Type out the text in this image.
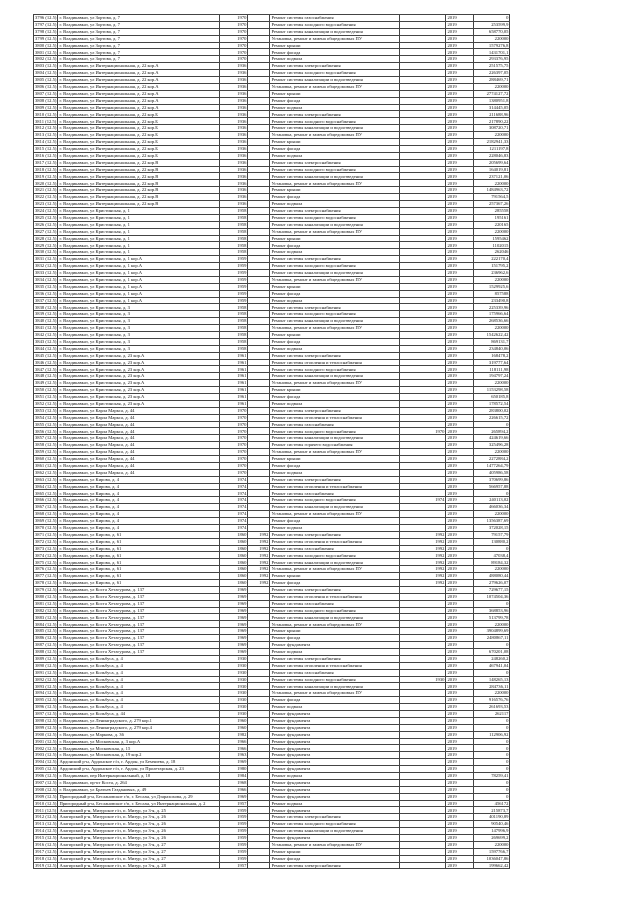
3796 (12.5)	г. Владикавказ, ул Зортова, д. 7	1970		Ремонт системы газоснабжения		2019	0
3797 (12.5)	г. Владикавказ, ул Зортова, д. 7	1970		Ремонт системы холодного водоснабжения		2019	253599,9
3798 (12.5)	г. Владикавказ, ул Зортова, д. 7	1970		Ремонт системы канализации и водоотведения		2019	658770,05
3799 (12.5)	г. Владикавказ, ул Зортова, д. 7	1970		Установка, ремонт и замена общедомовых ПУ		2019	220000
3800 (12.5)	г. Владикавказ, ул Зортова, д. 7	1970		Ремонт крыши		2019	1579276,8
3801 (12.5)	г. Владикавказ, ул Зортова, д. 7	1970		Ремонт фасада		2019	1431701,1
3802 (12.5)	г. Владикавказ, ул Зортова, д. 7	1970		Ремонт подвала		2019	293376,95
3803 (12.5)	г. Владикавказ, ул Интернациональная, д. 22 кор.А	1936		Ремонт системы электроснабжения		2019	251575,75
3804 (12.5)	г. Владикавказ, ул Интернациональная, д. 22 кор.А	1936		Ремонт системы холодного водоснабжения		2019	226397,05
3805 (12.5)	г. Владикавказ, ул Интернациональная, д. 22 кор.А	1936		Ремонт системы канализации и водоотведения		2019	288469,71
3806 (12.5)	г. Владикавказ, ул Интернациональная, д. 22 кор.А	1936		Установка, ремонт и замена общедомовых ПУ		2019	220000
3807 (12.5)	г. Владикавказ, ул Интернациональная, д. 22 кор.А	1936		Ремонт крыши		2019	2774127,72
3808 (12.5)	г. Владикавказ, ул Интернациональная, д. 22 кор.А	1936		Ремонт фасада		2019	1380951,8
3809 (12.5)	г. Владикавказ, ул Интернациональная, д. 22 кор.А	1936		Ремонт подвала		2019	314445,05
3810 (12.5)	г. Владикавказ, ул Интернациональная, д. 22 кор.Б	1936		Ремонт системы электроснабжения		2019	211688,96
3811 (12.5)	г. Владикавказ, ул Интернациональная, д. 22 кор.Б	1936		Ремонт системы холодного водоснабжения		2019	217890,22
3812 (12.5)	г. Владикавказ, ул Интернациональная, д. 22 кор.Б	1936		Ремонт системы канализации и водоотведения		2019	308720,71
3813 (12.5)	г. Владикавказ, ул Интернациональная, д. 22 кор.Б	1936		Установка, ремонт и замена общедомовых ПУ		2019	220000
3814 (12.5)	г. Владикавказ, ул Интернациональная, д. 22 кор.Б	1936		Ремонт крыши		2019	2182941,33
3815 (12.5)	г. Владикавказ, ул Интернациональная, д. 22 кор.Б	1936		Ремонт фасада		2019	1211197,8
3816 (12.5)	г. Владикавказ, ул Интернациональная, д. 22 кор.Б	1936		Ремонт подвала		2019	228046,83
3817 (12.5)	г. Владикавказ, ул Интернациональная, д. 22 кор.В	1936		Ремонт системы электроснабжения		2019	205699,64
3818 (12.5)	г. Владикавказ, ул Интернациональная, д. 22 кор.В	1936		Ремонт системы холодного водоснабжения		2019	164019,81
3819 (12.5)	г. Владикавказ, ул Интернациональная, д. 22 кор.В	1936		Ремонт системы канализации и водоотведения		2019	237121,06
3820 (12.5)	г. Владикавказ, ул Интернациональная, д. 22 кор.В	1936		Установка, ремонт и замена общедомовых ПУ		2019	220000
3821 (12.5)	г. Владикавказ, ул Интернациональная, д. 22 кор.В	1936		Ремонт крыши		2019	1484963,72
3822 (12.5)	г. Владикавказ, ул Интернациональная, д. 22 кор.В	1936		Ремонт фасада		2019	791564,5
3823 (12.5)	г. Владикавказ, ул Интернациональная, д. 22 кор.В	1936		Ремонт подвала		2019	257367,26
3824 (12.5)	г. Владикавказ, ул Кристинская, д. 1	1958		Ремонт системы электроснабжения		2019	285558
3825 (12.5)	г. Владикавказ, ул Кристинская, д. 1	1958		Ремонт системы холодного водоснабжения		2019	195161
3826 (12.5)	г. Владикавказ, ул Кристинская, д. 1	1958		Ремонт системы канализации и водоотведения		2019	220165
3827 (12.5)	г. Владикавказ, ул Кристинская, д. 1	1958		Установка, ремонт и замена общедомовых ПУ		2019	220000
3828 (12.5)	г. Владикавказ, ул Кристинская, д. 1	1958		Ремонт крыши		2019	1595462
3829 (12.5)	г. Владикавказ, ул Кристинская, д. 1	1958		Ремонт фасада		2019	1102015
3830 (12.5)	г. Владикавказ, ул Кристинская, д. 1	1958		Ремонт подвала		2019	262046
3831 (12.5)	г. Владикавказ, ул Кристинская, д. 1 кор.А	1959		Ремонт системы электроснабжения		2019	222170,4
3832 (12.5)	г. Владикавказ, ул Кристинская, д. 1 кор.А	1959		Ремонт системы холодного водоснабжения		2019	151795,2
3833 (12.5)	г. Владикавказ, ул Кристинская, д. 1 кор.А	1959		Ремонт системы канализации и водоотведения		2019	236962,6
3834 (12.5)	г. Владикавказ, ул Кристинская, д. 1 кор.А	1959		Установка, ремонт и замена общедомовых ПУ		2019	220000
3835 (12.5)	г. Владикавказ, ул Кристинская, д. 1 кор.А	1959		Ремонт крыши		2019	1529925,6
3836 (12.5)	г. Владикавказ, ул Кристинская, д. 1 кор.А	1959		Ремонт фасада		2019	857588
3837 (12.5)	г. Владикавказ, ул Кристинская, д. 1 кор.А	1959		Ремонт подвала		2019	233490,8
3838 (12.5)	г. Владикавказ, ул Кристинская, д. 3	1958		Ремонт системы электроснабжения		2019	225339,96
3839 (12.5)	г. Владикавказ, ул Кристинская, д. 3	1958		Ремонт системы холодного водоснабжения		2019	175966,64
3840 (12.5)	г. Владикавказ, ул Кристинская, д. 3	1958		Ремонт системы канализации и водоотведения		2019	268536,66
3841 (12.5)	г. Владикавказ, ул Кристинская, д. 3	1958		Установка, ремонт и замена общедомовых ПУ		2019	220000
3842 (12.5)	г. Владикавказ, ул Кристинская, д. 3	1958		Ремонт крыши		2019	1542622,42
3843 (12.5)	г. Владикавказ, ул Кристинская, д. 3	1958		Ремонт фасада		2019	869131,7
3844 (12.5)	г. Владикавказ, ул Кристинская, д. 3	1958		Ремонт подвала		2019	234840,06
3845 (12.5)	г. Владикавказ, ул Кристинская, д. 23 кор.А	1961		Ремонт системы электроснабжения		2019	168478,2
3846 (12.5)	г. Владикавказ, ул Кристинская, д. 23 кор.А	1961		Ремонт системы отопления и теплоснабжения		2019	319777,64
3847 (12.5)	г. Владикавказ, ул Кристинская, д. 23 кор.А	1961		Ремонт системы холодного водоснабжения		2019	118111,98
3848 (12.5)	г. Владикавказ, ул Кристинская, д. 23 кор.А	1961		Ремонт системы канализации и водоотведения		2019	194797,24
3849 (12.5)	г. Владикавказ, ул Кристинская, д. 23 кор.А	1961		Установка, ремонт и замена общедомовых ПУ		2019	220000
3850 (12.5)	г. Владикавказ, ул Кристинская, д. 23 кор.А	1961		Ремонт крыши		2019	1153298,58
3851 (12.5)	г. Владикавказ, ул Кристинская, д. 23 кор.А	1961		Ремонт фасада		2019	650185,8
3852 (12.5)	г. Владикавказ, ул Кристинская, д. 23 кор.А	1961		Ремонт подвала		2019	178572,54
3853 (12.5)	г. Владикавказ, ул Карла Маркса, д. 44	1970		Ремонт системы электроснабжения		2019	283800,02
3854 (12.5)	г. Владикавказ, ул Карла Маркса, д. 44	1970		Ремонт системы отопления и теплоснабжения		2019	226615,72
3855 (12.5)	г. Владикавказ, ул Карла Маркса, д. 44	1970		Ремонт системы газоснабжения		2019	0
3856 (12.5)	г. Владикавказ, ул Карла Маркса, д. 44	1970		Ремонт системы холодного водоснабжения	1970	2019	265894,2
3857 (12.5)	г. Владикавказ, ул Карла Маркса, д. 44	1970		Ремонт системы канализации и водоотведения		2019	424619,66
3858 (12.5)	г. Владикавказ, ул Карла Маркса, д. 44	1970		Ремонт системы горячего водоснабжения		2019	325496,28
3859 (12.5)	г. Владикавказ, ул Карла Маркса, д. 44	1970		Установка, ремонт и замена общедомовых ПУ		2019	220000
3860 (12.5)	г. Владикавказ, ул Карла Маркса, д. 44	1970		Ремонт крыши		2019	2272884,2
3861 (12.5)	г. Владикавказ, ул Карла Маркса, д. 44	1970		Ремонт фасада		2019	1477264,79
3862 (12.5)	г. Владикавказ, ул Карла Маркса, д. 44	1970		Ремонт подвала		2019	405986,58
3863 (12.5)	г. Владикавказ, ул Кирова, д. 4	1974		Ремонт системы электроснабжения		2019	370699,86
3864 (12.5)	г. Владикавказ, ул Кирова, д. 4	1974		Ремонт системы отопления и теплоснабжения		2019	566957,88
3865 (12.5)	г. Владикавказ, ул Кирова, д. 4	1974		Ремонт системы газоснабжения		2019	0
3866 (12.5)	г. Владикавказ, ул Кирова, д. 4	1974		Ремонт системы холодного водоснабжения	1974	2019	240113,02
3867 (12.5)	г. Владикавказ, ул Кирова, д. 4	1974		Ремонт системы канализации и водоотведения		2019	466036,34
3868 (12.5)	г. Владикавказ, ул Кирова, д. 4	1974		Установка, ремонт и замена общедомовых ПУ		2019	220000
3869 (12.5)	г. Владикавказ, ул Кирова, д. 4	1974		Ремонт фасада		2019	1356387,69
3870 (12.5)	г. Владикавказ, ул Кирова, д. 4	1974		Ремонт подвала		2019	372028,15
3871 (12.5)	г. Владикавказ, ул Кирова, д. 61	1860	1992	Ремонт системы электроснабжения	1992	2019	79157,79
3872 (12.5)	г. Владикавказ, ул Кирова, д. 61	1860	1992	Ремонт системы отопления и теплоснабжения	1992	2019	130880,2
3873 (12.5)	г. Владикавказ, ул Кирова, д. 61	1860	1992	Ремонт системы газоснабжения	1992	2019	0
3874 (12.5)	г. Владикавказ, ул Кирова, д. 61	1860	1992	Ремонт системы холодного водоснабжения	1992	2019	47038,4
3875 (12.5)	г. Владикавказ, ул Кирова, д. 61	1860	1992	Ремонт системы канализации и водоотведения	1992	2019	89184,32
3876 (12.5)	г. Владикавказ, ул Кирова, д. 61	1860	1992	Установка, ремонт и замена общедомовых ПУ	1992	2019	220000
3877 (12.5)	г. Владикавказ, ул Кирова, д. 61	1860	1992	Ремонт крыши	1992	2019	488080,44
3878 (12.5)	г. Владикавказ, ул Кирова, д. 61	1860	1992	Ремонт фасада	1992	2019	279626,07
3879 (12.5)	г. Владикавказ, ул Коста Хетагурова, д. 137	1969		Ремонт системы электроснабжения		2019	729677,15
3880 (12.5)	г. Владикавказ, ул Коста Хетагурова, д. 137	1969		Ремонт системы отопления и теплоснабжения		2019	1074504,36
3881 (12.5)	г. Владикавказ, ул Коста Хетагурова, д. 137	1969		Ремонт системы газоснабжения		2019	0
3882 (12.5)	г. Владикавказ, ул Коста Хетагурова, д. 137	1969		Ремонт системы холодного водоснабжения		2019	368853,96
3883 (12.5)	г. Владикавказ, ул Коста Хетагурова, д. 137	1969		Ремонт системы канализации и водоотведения		2019	513799,78
3884 (12.5)	г. Владикавказ, ул Коста Хетагурова, д. 137	1969		Установка, ремонт и замена общедомовых ПУ		2019	220000
3885 (12.5)	г. Владикавказ, ул Коста Хетагурова, д. 137	1969		Ремонт крыши		2019	3904899,69
3886 (12.5)	г. Владикавказ, ул Коста Хетагурова, д. 137	1969		Ремонт фасада		2019	2480867,11
3887 (12.5)	г. Владикавказ, ул Коста Хетагурова, д. 137	1969		Ремонт фундамента		2019	0
3888 (12.5)	г. Владикавказ, ул Коста Хетагурова, д. 137	1969		Ремонт подвала		2019	670201,08
3889 (12.5)	г. Владикавказ, ул Кольбуса, д. 4	1930		Ремонт системы электроснабжения		2019	248260,2
3890 (12.5)	г. Владикавказ, ул Кольбуса, д. 4	1930		Ремонт системы отопления и теплоснабжения		2019	467941,04
3891 (12.5)	г. Владикавказ, ул Кольбуса, д. 4	1930		Ремонт системы газоснабжения		2019	0
3892 (12.5)	г. Владикавказ, ул Кольбуса, д. 4	1930		Ремонт системы холодного водоснабжения	1930	2019	148265,13
3893 (12.5)	г. Владикавказ, ул Кольбуса, д. 4	1930		Ремонт системы канализации и водоотведения		2019	284736,11
3894 (12.5)	г. Владикавказ, ул Кольбуса, д. 4	1930		Установка, ремонт и замена общедомовых ПУ		2019	220000
3895 (12.5)	г. Владикавказ, ул Кольбуса, д. 4	1930		Ремонт фасада		2019	916576,76
3896 (12.5)	г. Владикавказ, ул Кольбуса, д. 4	1930		Ремонт подвала		2019	261693,53
3897 (12.5)	г. Владикавказ, ул Кольбуса, д. 44	1930		Ремонт фундамента		2019	262117
3898 (12.5)	г. Владикавказ, ул Ленинградского, д. 279 кор.1	1960		Ремонт фундамента		2019	0
3899 (12.5)	г. Владикавказ, ул Ленинградского, д. 279 кор.4	1960		Ремонт фундамента		2019	0
3900 (12.5)	г. Владикавказ, ул Маркова, д. 36	1982		Ремонт фундамента		2019	112906,92
3901 (12.5)	г. Владикавказ, ул Московская, д. 3 кор.А	1966		Ремонт фундамента		2019	0
3902 (12.5)	г. Владикавказ, ул Московская, д. 15	1966		Ремонт фундамента		2019	0
3903 (12.5)	г. Владикавказ, ул Московская, д. 19 кор.2	1963		Ремонт фундамента		2019	0
3904 (12.5)	Ардонский р-н, Ардонское г/п, г. Ардон, ул Бемчиева, д. 18	1969		Ремонт фундамента		2019	0
3905 (12.5)	Ардонский р-н, Ардонское г/п, г. Ардон, ул Пролетарская, д. 23	1980		Ремонт фундамента		2019	0
3906 (12.5)	г. Владикавказ, пер Интернациональный, д. 10	1984		Ремонт подвала		2019	78259,41
3907 (12.5)	г. Владикавказ, пр-кт Коста, д. 264	1968		Ремонт фундамента		2019	0
3908 (12.5)	г. Владикавказ, ул Братьев Газдановых, д. 49	1966		Ремонт фундамента		2019	0
3909 (12.5)	Пригородный р-н, Беслановское г/п, г. Беслан, ул Дзарахохова, д. 29	1969		Ремонт фундамента		2019	0
3910 (12.5)	Пригородный р-н, Беслановское г/п, г. Беслан, ул Интернациональная, д. 2	1957		Ремонт подвала		2019	456172
3911 (12.5)	Алагирский р-н, Мизурское г/п, п. Мизур, ул 3-я, д. 25	1959		Ремонт фундамента		2019	215873,7
3912 (12.5)	Алагирский р-н, Мизурское г/п, п. Мизур, ул 3-я, д. 26	1959		Ремонт системы электроснабжения		2019	401190,89
3913 (12.5)	Алагирский р-н, Мизурское г/п, п. Мизур, ул 3-я, д. 26	1959		Ремонт системы холодного водоснабжения		2019	90540,46
3914 (12.5)	Алагирский р-н, Мизурское г/п, п. Мизур, ул 3-я, д. 26	1959		Ремонт системы канализации и водоотведения		2019	147996,9
3915 (12.5)	Алагирский р-н, Мизурское г/п, п. Мизур, ул 3-я, д. 26	1959		Ремонт фундамента		2019	269699,2
3916 (12.5)	Алагирский р-н, Мизурское г/п, п. Мизур, ул 3-я, д. 27	1959		Установка, ремонт и замена общедомовых ПУ		2019	220000
3917 (12.5)	Алагирский р-н, Мизурское г/п, п. Мизур, ул 3-я, д. 27	1959		Ремонт крыши		2019	1597766,7
3918 (12.5)	Алагирский р-н, Мизурское г/п, п. Мизур, ул 3-я, д. 27	1959		Ремонт фасада		2019	1036047,86
3919 (12.5)	Алагирский р-н, Мизурское г/п, п. Мизур, ул 3-я, д. 28	1957		Ремонт системы электроснабжения		2019	199662,42
